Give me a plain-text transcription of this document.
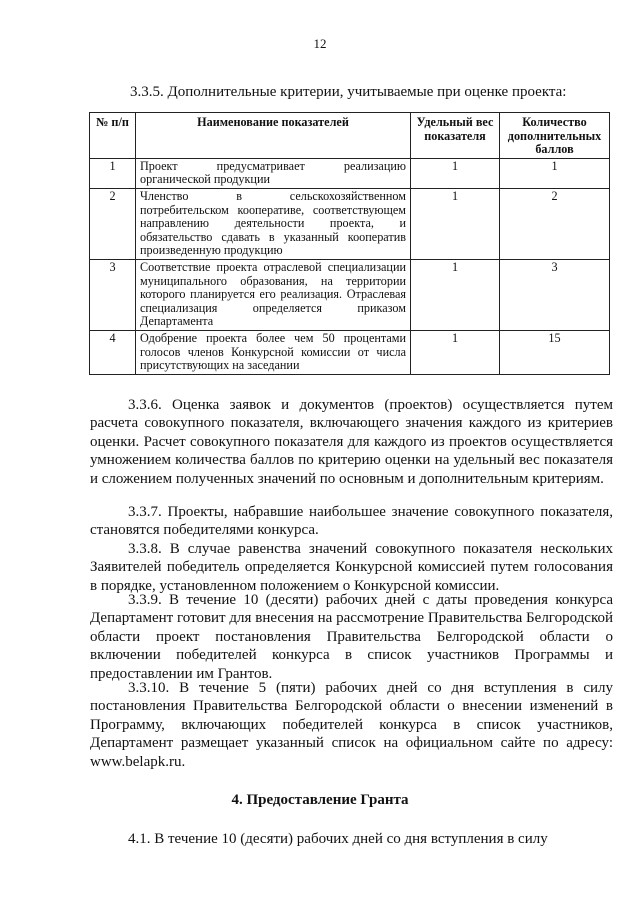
12
3.3.5. Дополнительные критерии, учитываемые при оценке проекта:
№ п/п	Наименование показателей	Удельный вес показателя	Количество дополнительных баллов
1	Проект предусматривает реализацию органической продукции	1	1
2	Членство в сельскохозяйственном потребительском кооперативе, соответствующем направлению деятельности проекта, и обязательство сдавать в указанный кооператив произведенную продукцию	1	2
3	Соответствие проекта отраслевой специализации муниципального образования, на территории которого планируется его реализация. Отраслевая специализация определяется приказом Департамента	1	3
4	Одобрение проекта более чем 50 процентами голосов членов Конкурсной комиссии от числа присутствующих на заседании	1	15

3.3.6. Оценка заявок и документов (проектов) осуществляется путем расчета совокупного показателя, включающего значения каждого из критериев оценки. Расчет совокупного показателя для каждого из проектов осуществляется умножением количества баллов по критерию оценки на удельный вес показателя и сложением полученных значений по основным и дополнительным критериям.

3.3.7. Проекты, набравшие наибольшее значение совокупного показателя, становятся победителями конкурса.

3.3.8. В случае равенства значений совокупного показателя нескольких Заявителей победитель определяется Конкурсной комиссией путем голосования в порядке, установленном положением о Конкурсной комиссии.

3.3.9. В течение 10 (десяти) рабочих дней с даты проведения конкурса Департамент готовит для внесения на рассмотрение Правительства Белгородской области проект постановления Правительства Белгородской области о включении победителей конкурса в список участников Программы и предоставлении им Грантов.

3.3.10. В течение 5 (пяти) рабочих дней со дня вступления в силу постановления Правительства Белгородской области о внесении изменений в Программу, включающих победителей конкурса в список участников, Департамент размещает указанный список на официальном сайте по адресу: www.belapk.ru.

4. Предоставление Гранта

4.1. В течение 10 (десяти) рабочих дней со дня вступления в силу
